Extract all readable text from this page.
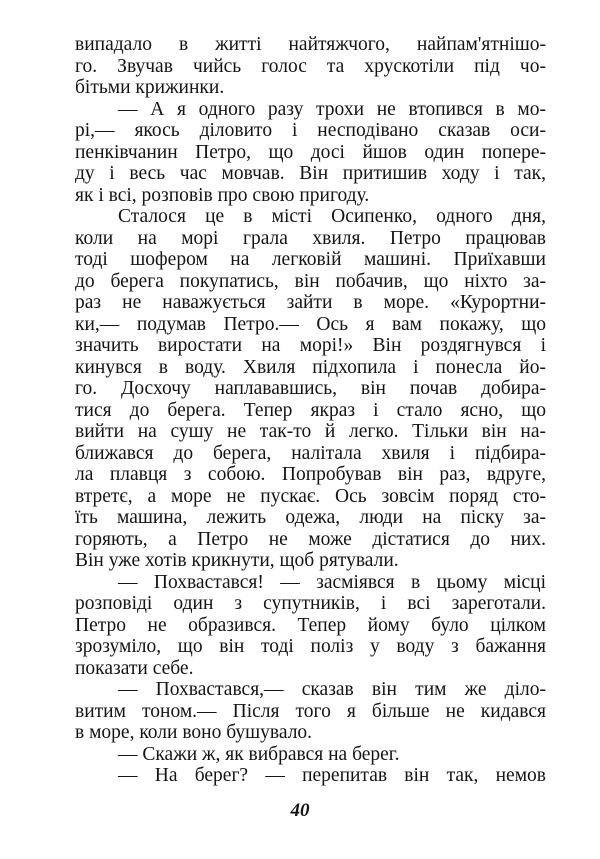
випадало в житті найтяжчого, найпам'ятнішо-
го. Звучав чийсь голос та хрускотіли під чо-
бітьми крижинки.
— А я одного разу трохи не втопився в мо-
рі,— якось діловито і несподівано сказав оси-
пенківчанин Петро, що досі йшов один попере-
ду і весь час мовчав. Він притишив ходу і так,
як і всі, розповів про свою пригоду.
Сталося це в місті Осипенко, одного дня,
коли на морі грала хвиля. Петро працював
тоді шофером на легковій машині. Приїхавши
до берега покупатись, він побачив, що ніхто за-
раз не наважується зайти в море. «Курортни-
ки,— подумав Петро.— Ось я вам покажу, що
значить виростати на морі!» Він роздягнувся і
кинувся в воду. Хвиля підхопила і понесла йо-
го. Досхочу наплававшись, він почав добира-
тися до берега. Тепер якраз і стало ясно, що
вийти на сушу не так-то й легко. Тільки він на-
ближався до берега, налітала хвиля і підбира-
ла плавця з собою. Попробував він раз, вдруге,
втретє, а море не пускає. Ось зовсім поряд сто-
їть машина, лежить одежа, люди на піску за-
горяють, а Петро не може дістатися до них.
Він уже хотів крикнути, щоб рятували.
— Похвастався! — засміявся в цьому місці
розповіді один з супутників, і всі зареготали.
Петро не образився. Тепер йому було цілком
зрозуміло, що він тоді поліз у воду з бажання
показати себе.
— Похвастався,— сказав він тим же діло-
витим тоном.— Після того я більше не кидався
в море, коли воно бушувало.
— Скажи ж, як вибрався на берег.
— На берег? — перепитав він так, немов
40
